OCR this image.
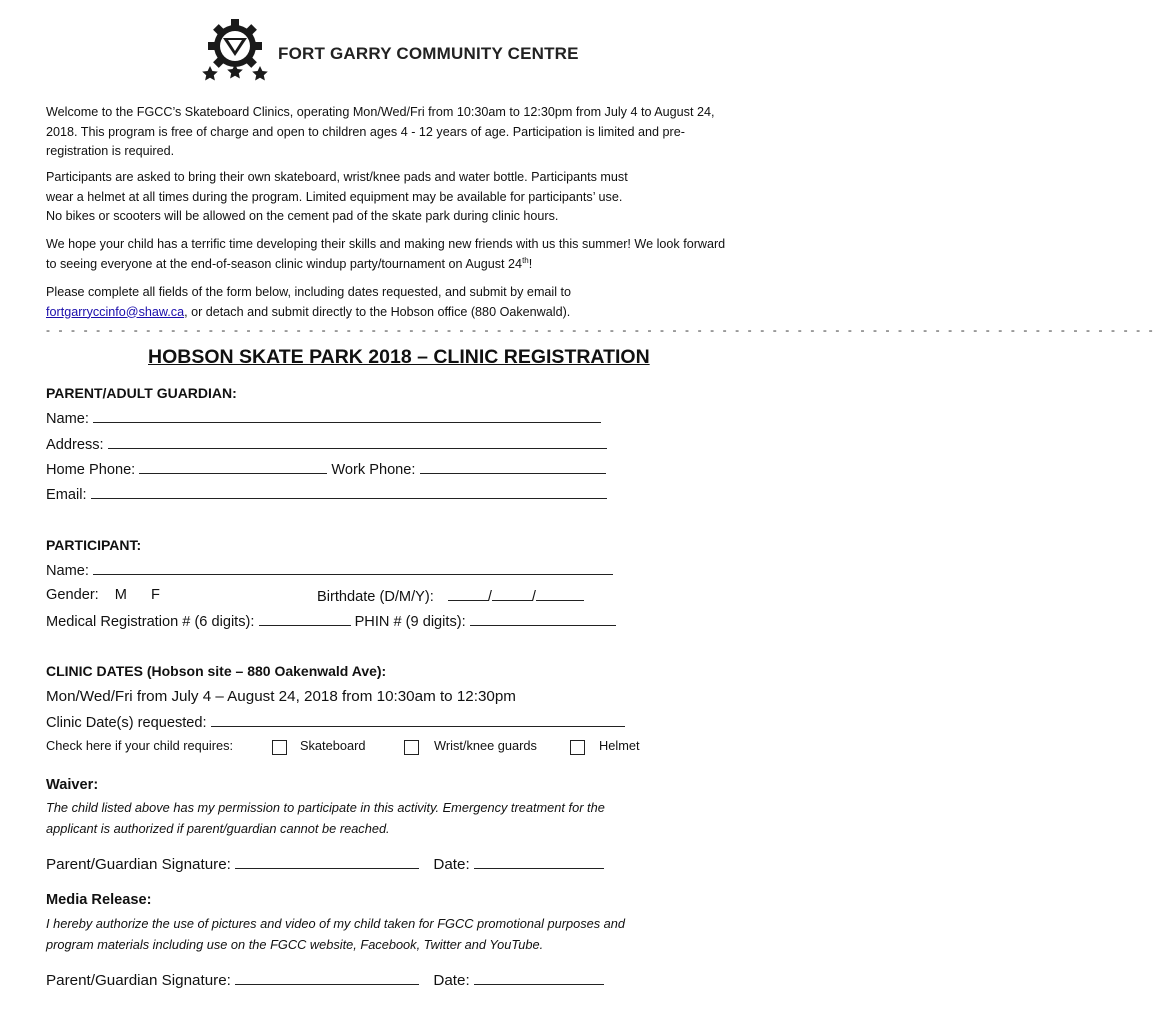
FORT GARRY COMMUNITY CENTRE

Welcome to the FGCC’s Skateboard Clinics, operating Mon/Wed/Fri from 10:30am to 12:30pm from July 4 to August 24, 2018. This program is free of charge and open to children ages 4 - 12 years of age. Participation is limited and pre-registration is required.

Participants are asked to bring their own skateboard, wrist/knee pads and water bottle. Participants must

wear a helmet at all times during the program. Limited equipment may be available for participants’ use.

No bikes or scooters will be allowed on the cement pad of the skate park during clinic hours.

We hope your child has a terrific time developing their skills and making new friends with us this summer! We look forward to seeing everyone at the end-of-season clinic windup party/tournament on August 24th!

Please complete all fields of the form below, including dates requested, and submit by email to

fortgarryccinfo@shaw.ca, or detach and submit directly to the Hobson office (880 Oakenwald).

- - - - - - - - - - - - - - - - - - - - - - - - - - - - - - - - - - - - - - - - - - - - - - - - - - - - - - - - - - - - - - - - - - - - - - - - - - - - - - - - - - - - - - - - -
HOBSON SKATE PARK 2018 – CLINIC REGISTRATION
PARENT/ADULT GUARDIAN:
Name:
Address:
Home Phone:	Work Phone:
Email:
PARTICIPANT:
Name:
Gender: M F	Birthdate (D/M/Y):	/	/
Medical Registration # (6 digits):	PHIN # (9 digits):
CLINIC DATES (Hobson site – 880 Oakenwald Ave):
Mon/Wed/Fri from July 4 – August 24, 2018 from 10:30am to 12:30pm
Clinic Date(s) requested:
Check here if your child requires:	Skateboard	Wrist/knee guards	Helmet
Waiver:

The child listed above has my permission to participate in this activity. Emergency treatment for the

applicant is authorized if parent/guardian cannot be reached.

Parent/Guardian Signature:	Date:
Media Release:

I hereby authorize the use of pictures and video of my child taken for FGCC promotional purposes and

program materials including use on the FGCC website, Facebook, Twitter and YouTube.

Parent/Guardian Signature:	Date:
